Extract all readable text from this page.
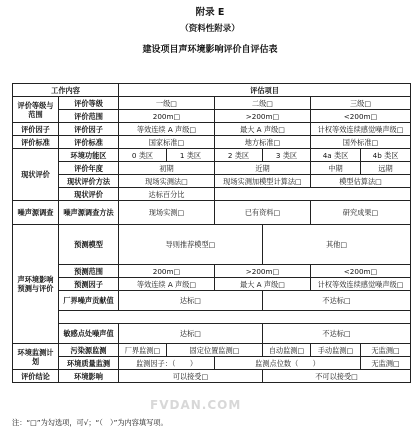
附录 E
（资料性附录）
建设项目声环境影响评价自评估表
工作内容		评估项目					
评价等级与范围	评价等级	一级□		二级□		三级□	
	评价范围	200m□		>200m□		<200m□	
评价因子	评价因子	等效连续 A 声级□		最大 A 声级□		计权等效连续感觉噪声级□	
评价标准	评价标准	国家标准□		地方标准□		国外标准□	
现状评价	环境功能区	0 类区	1 类区	2 类区	3 类区	4a 类区	4b 类区
	评价年度	初期		近期		中期	远期
	现状评价方法	现场实测法□		现场实测加模型计算法□		模型估算法□	
	现状评价	达标百分比					
噪声源调查	噪声源调查方法	现场实测□		已有资料□		研究成果□	
声环境影响预测与评价	预测模型	导则推荐模型□			其他□		
	预测范围	200m□		>200m□		<200m□	
	预测因子	等效连续 A 声级□		最大 A 声级□		计权等效连续感觉噪声级□	
	厂界噪声贡献值	达标□			不达标□		

	敏感点处噪声值	达标□			不达标□		
环境监测计划	污染源监测	厂界监测□	固定位置监测□		自动监测□	手动监测□	无监测□
	环境质量监测	监测因子：（　　）		监测点位数（　　）			无监测□
评价结论	环境影响	可以接受□			不可以接受□		
FVDAN.COM
注：“□”为勾选项，可√；“（　）”为内容填写项。
